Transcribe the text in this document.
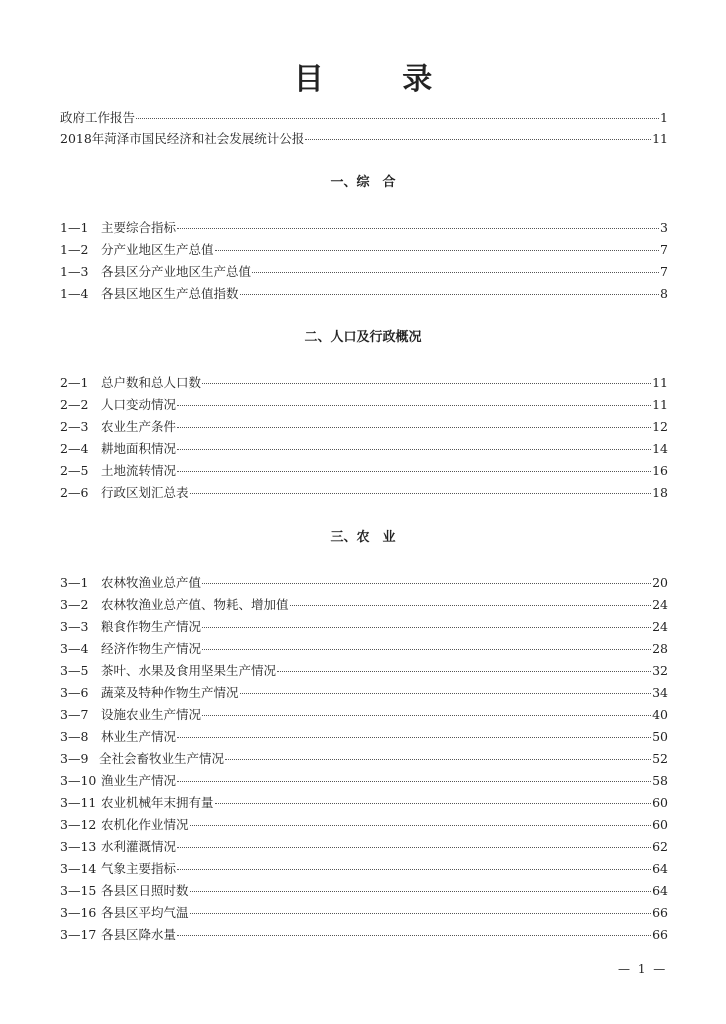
目 录
政府工作报告	1
2018年菏泽市国民经济和社会发展统计公报	11
一、综　合
1—1	主要综合指标	3
1—2	分产业地区生产总值	7
1—3	各县区分产业地区生产总值	7
1—4	各县区地区生产总值指数	8
二、人口及行政概况
2—1	总户数和总人口数	11
2—2	人口变动情况	11
2—3	农业生产条件	12
2—4	耕地面积情况	14
2—5	土地流转情况	16
2—6	行政区划汇总表	18
三、农　业
3—1	农林牧渔业总产值	20
3—2	农林牧渔业总产值、物耗、增加值	24
3—3	粮食作物生产情况	24
3—4	经济作物生产情况	28
3—5	茶叶、水果及食用坚果生产情况	32
3—6	蔬菜及特种作物生产情况	34
3—7	设施农业生产情况	40
3—8	林业生产情况	50
3—9 全社会畜牧业生产情况	52
3—10 渔业生产情况	58
3—11 农业机械年末拥有量	60
3—12 农机化作业情况	60
3—13 水利灌溉情况	62
3—14 气象主要指标	64
3—15 各县区日照时数	64
3—16 各县区平均气温	66
3—17 各县区降水量	66
— 1 —
